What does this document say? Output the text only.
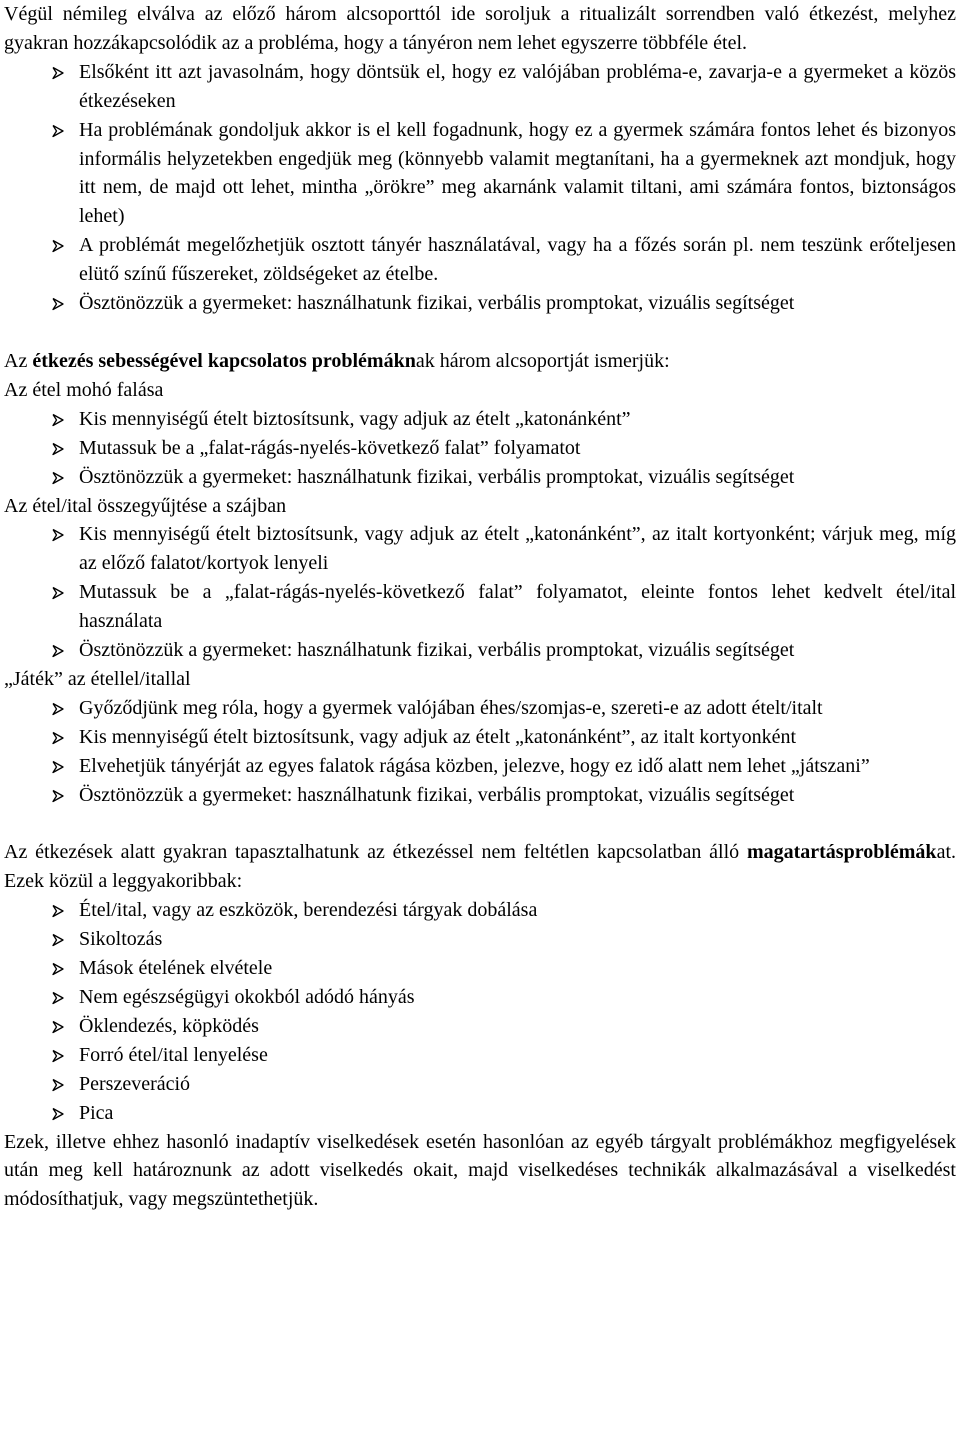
Végül némileg elválva az előző három alcsoporttól ide soroljuk a ritualizált sorrendben való étkezést, melyhez gyakran hozzákapcsolódik az a probléma, hogy a tányéron nem lehet egyszerre többféle étel.

Elsőként itt azt javasolnám, hogy döntsük el, hogy ez valójában probléma-e, zavarja-e a gyermeket a közös étkezéseken
Ha problémának gondoljuk akkor is el kell fogadnunk, hogy ez a gyermek számára fontos lehet és bizonyos informális helyzetekben engedjük meg (könnyebb valamit megtanítani, ha a gyermeknek azt mondjuk, hogy itt nem, de majd ott lehet, mintha „örökre” meg akarnánk valamit tiltani, ami számára fontos, biztonságos lehet)
A problémát megelőzhetjük osztott tányér használatával, vagy ha a főzés során pl. nem teszünk erőteljesen elütő színű fűszereket, zöldségeket az ételbe.
Ösztönözzük a gyermeket: használhatunk fizikai, verbális promptokat, vizuális segítséget

Az étkezés sebességével kapcsolatos problémáknak három alcsoportját ismerjük:

Az étel mohó falása

Kis mennyiségű ételt biztosítsunk, vagy adjuk az ételt „katonánként”
Mutassuk be a „falat-rágás-nyelés-következő falat” folyamatot
Ösztönözzük a gyermeket: használhatunk fizikai, verbális promptokat, vizuális segítséget

Az étel/ital összegyűjtése a szájban

Kis mennyiségű ételt biztosítsunk, vagy adjuk az ételt „katonánként”, az italt kortyonként; várjuk meg, míg az előző falatot/kortyok lenyeli
Mutassuk be a „falat-rágás-nyelés-következő falat” folyamatot, eleinte fontos lehet kedvelt étel/ital használata
Ösztönözzük a gyermeket: használhatunk fizikai, verbális promptokat, vizuális segítséget

„Játék” az étellel/itallal

Győződjünk meg róla, hogy a gyermek valójában éhes/szomjas-e, szereti-e az adott ételt/italt
Kis mennyiségű ételt biztosítsunk, vagy adjuk az ételt „katonánként”, az italt kortyonként
Elvehetjük tányérját az egyes falatok rágása közben, jelezve, hogy ez idő alatt nem lehet „játszani”
Ösztönözzük a gyermeket: használhatunk fizikai, verbális promptokat, vizuális segítséget

Az étkezések alatt gyakran tapasztalhatunk az étkezéssel nem feltétlen kapcsolatban álló magatartásproblémákat. Ezek közül a leggyakoribbak:

Étel/ital, vagy az eszközök, berendezési tárgyak dobálása
Sikoltozás
Mások ételének elvétele
Nem egészségügyi okokból adódó hányás
Öklendezés, köpködés
Forró étel/ital lenyelése
Perszeveráció
Pica

Ezek, illetve ehhez hasonló inadaptív viselkedések esetén hasonlóan az egyéb tárgyalt problémákhoz megfigyelések után meg kell határoznunk az adott viselkedés okait, majd viselkedéses technikák alkalmazásával a viselkedést módosíthatjuk, vagy megszüntethetjük.
